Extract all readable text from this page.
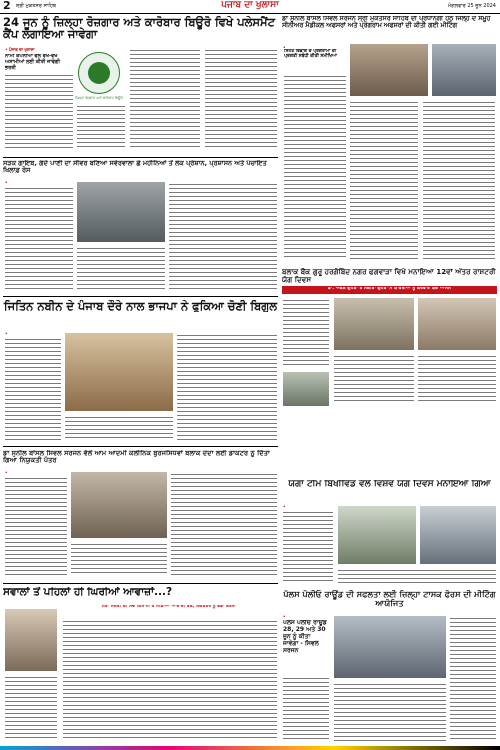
2 ਸ਼੍ਰੀ ਮੁਕਤਸਰ ਸਾਹਿਬ	ਪੰਜਾਬ ਦਾ ਖੁਲਾਸਾ	ਮੰਗਲਵਾਰ 25 ਜੂਨ 2024
24 ਜੂਨ ਨੂੰ ਜ਼ਿਲ੍ਹਾ ਰੋਜ਼ਗਾਰ ਅਤੇ ਕਾਰੋਬਾਰ ਬਿਊਰੋ ਵਿਖੇ ਪਲੇਸਮੈਂਟ ਕੈਂਪ ਲਗਾਇਆ ਜਾਵੇਗਾ
• ਪੰਜਾਬ ਦਾ ਖੁਲਾਸਾ
ਨਾਮੀ ਕੰਪਨੀਆਂ ਵੱਲੋਂ ਵੱਖ-ਵੱਖ ਅਸਾਮੀਆਂ ਲਈ ਕੀਤੀ ਜਾਵੇਗੀ ਭਰਤੀ
ਜ਼ਿਲ੍ਹਾ ਰੋਜ਼ਗਾਰ ਅਤੇ ਕਾਰੋਬਾਰ ਬਿਊਰੋ
ਡਾ ਸੁਨੀਲ ਬਾਂਸਲ ਸਿਵਲ ਸਰਜਨ ਸ੍ਰੀ ਮੁਕਤਸਰ ਸਾਹਿਬ ਦੀ ਪ੍ਰਧਾਨਗੀ ਹੇਠ ਜਿਲ੍ਹੇ ਦੇ ਸਮੂਹ ਸੀਨੀਅਰ ਮੈਡੀਕਲ ਅਫਸਰਾਂ ਅਤੇ ਪ੍ਰੋਗਰਾਮ ਅਫਸਰਾਂ ਦੀ ਕੀਤੀ ਗਈ ਮੀਟਿੰਗ
•
ਸਿਹਤ ਵਿਭਾਗ ਦੇ ਪ੍ਰੋਗਰਾਮਾਂ ਦੀ ਪ੍ਰਗਤੀ ਸਬੰਧੀ ਕੀਤੀ ਸਮੀਖਿਆ
ਸੜਕ ਗਾਇਬ, ਗੰਦੇ ਪਾਣੀ ਦਾ ਸੀਵਰ ਬਣਿਆ ਸਵੇਰਵਾਲਾ ਛੇ ਮਹੀਨਿਆਂ ਤੋਂ ਲੋਕ ਪ੍ਰੇਸ਼ਾਨ, ਪ੍ਰਸ਼ਾਸਨ ਅਤੇ ਪੰਚਾਇਤ ਖਿਲਾਫ਼ ਰੋਸ
•
ਬਲਾਕ ਬੈਂਕ ਗੁਰੂ ਹਰਗੋਬਿੰਦ ਨਗਰ ਫਗਵਾੜਾ ਵਿਖੇ ਮਨਾਇਆ 12ਵਾਂ ਅੰਤਰ ਰਾਸ਼ਟਰੀ ਯੋਗ ਦਿਵਸ
ਡਾ. ਅਕਸ਼ ਗੁਪਤਾ ਤੇ ਸੰਗੀਤਾ ਗੁਪਤਾ ਨੇ ਯਾਤਰੀਆਂ ਨੂੰ ਕਰਵਾਏ ਯੋਗ ਆਸਨ
ਜਿਤਿਨ ਨਬੀਨ ਦੇ ਪੰਜਾਬ ਦੌਰੇ ਨਾਲ ਭਾਜਪਾ ਨੇ ਫੂਕਿਆ ਚੋਣੀ ਬਿਗੁਲ
•
ਯੋਗਾ ਟੀਮ ਬਿੱਖੀਵਿੰਡ ਵੱਲੋਂ ਵਿਸ਼ਵ ਯੋਗ ਦਿਵਸ ਮਨਾਇਆ ਗਿਆ
•
ਡਾ ਸੁਨੀਲ ਬਾਂਸਲ ਸਿਵਲ ਸਰਜਨ ਵੱਲੋਂ ਆਮ ਆਦਮੀ ਕਲੀਨਿਕ ਬੁਰਜਸਿਧਵਾਂ ਬਲਾਕ ਦੋਦਾ ਲਈ ਡਾਕਟਰ ਨੂੰ ਦਿੱਤਾ ਗਿਆ ਨਿਯੁਕਤੀ ਪੱਤਰ
•
ਪੱਲਸ ਪੋਲੀਓ ਰਾਊਂਡ ਦੀ ਸਫਲਤਾ ਲਈ ਜ਼ਿਲ੍ਹਾ ਟਾਸਕ ਫੋਰਸ ਦੀ ਮੀਟਿੰਗ ਆਯੋਜਿਤ
•
ਪੱਲਸ ਪੋਲੀਓ ਰਾਊਂਡ 28, 29 ਅਤੇ 30 ਜੂਨ ਨੂੰ ਕੀਤਾ ਜਾਵੇਗਾ - ਸਿਵਲ ਸਰਜਨ
ਸਵਾਲਾਂ ਤੋਂ ਪਹਿਲਾਂ ਹੀ ਘਿਰੀਆਂ ਆਵਾਜ਼ਾਂ...?
ਸੱਤਾ ਮੰਗਣੀ ਦੀ ਸੋਚ ਕਿਸਾਨੀ ਤੋਂ ਮੀਡੀਆ ਆਜ਼ਾਦੀ ਤੱਕ, ਲੋਕਤੰਤਰ ਨੂੰ ਵੱਡਾ ਖ਼ਤਰਾ
